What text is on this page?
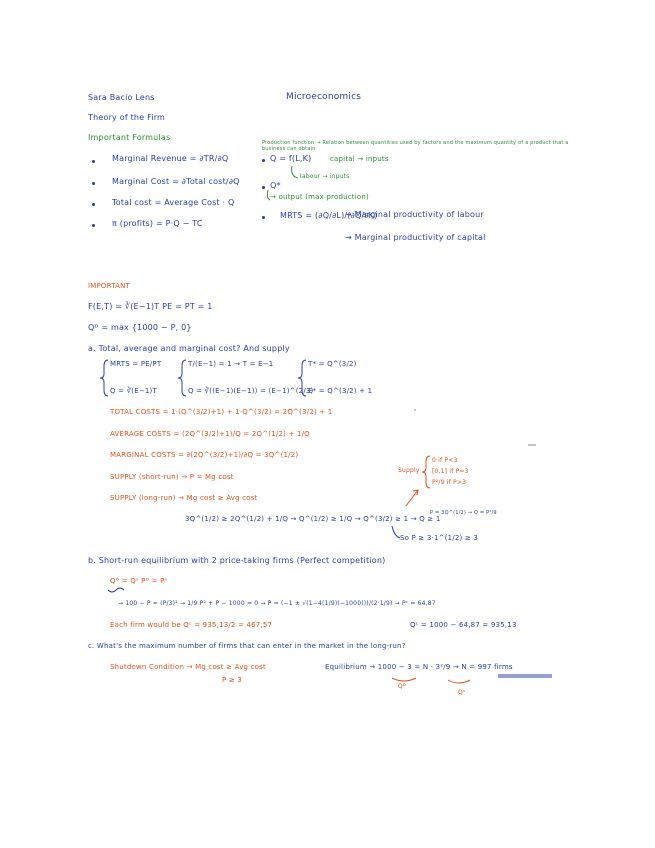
Sara Bacio Lens	Microeconomics
Theory of the Firm
Important Formulas
Marginal Revenue = ∂TR/∂Q
Marginal Cost = ∂Total cost/∂Q
Total cost = Average Cost · Q
π (profits) = P·Q − TC
Production function → Relation between quantities used by factors and the maximum quantity of a product that a business can obtain
Q = f(L,K)	capital → inputs
labour → inputs
Q*
→ output (max production)
MRTS = (∂Q/∂L)/(∂Q/∂K)
→ Marginal productivity of labour
→ Marginal productivity of capital
IMPORTANT
F(E,T) = ∛(E−1)T PE = PT = 1
Qᴰ = max {1000 − P, 0}
a. Total, average and marginal cost? And supply
MRTS = PE/PT
Q = ∛(E−1)T
T/(E−1) = 1 → T = E−1
Q = ∛((E−1)(E−1)) = (E−1)^(2/3)
T* = Q^(3/2)
E* = Q^(3/2) + 1
TOTAL COSTS = 1·(Q^(3/2)+1) + 1·Q^(3/2) = 2Q^(3/2) + 1
AVERAGE COSTS = (2Q^(3/2)+1)/Q = 2Q^(1/2) + 1/Q
MARGINAL COSTS = ∂(2Q^(3/2)+1)/∂Q = 3Q^(1/2)
SUPPLY (short-run) → P = Mg cost
SUPPLY (long-run) → Mg cost ≥ Avg cost
3Q^(1/2) ≥ 2Q^(1/2) + 1/Q → Q^(1/2) ≥ 1/Q → Q^(3/2) ≥ 1 → Q ≥ 1
Supply
0 if P<3
[0,1] if P=3
P²/9 if P>3
P = 3Q^(1/2) → Q = P²/9
So P ≥ 3·1^(1/2) ≥ 3
b. Short-run equilibrium with 2 price-taking firms (Perfect competition)
Qᴰ = Qˢ Pᴰ = Pˢ
→ 100 − P = (P/3)² → 1/9 P² + P − 1000 = 0 → P = (−1 ± √(1−4(1/9)(−1000)))/(2·1/9) → Pᶜ = 64,87
Each firm would be Qᶜ = 935,13/2 = 467,57	Qᶜ = 1000 − 64,87 = 935,13
c. What's the maximum number of firms that can enter in the market in the long-run?
Shutdown Condition → Mg cost ≥ Avg cost
P ≥ 3
Equilibrium → 1000 − 3 = N · 3²/9 → N = 997 firms
Qᴰ
Qˢ
